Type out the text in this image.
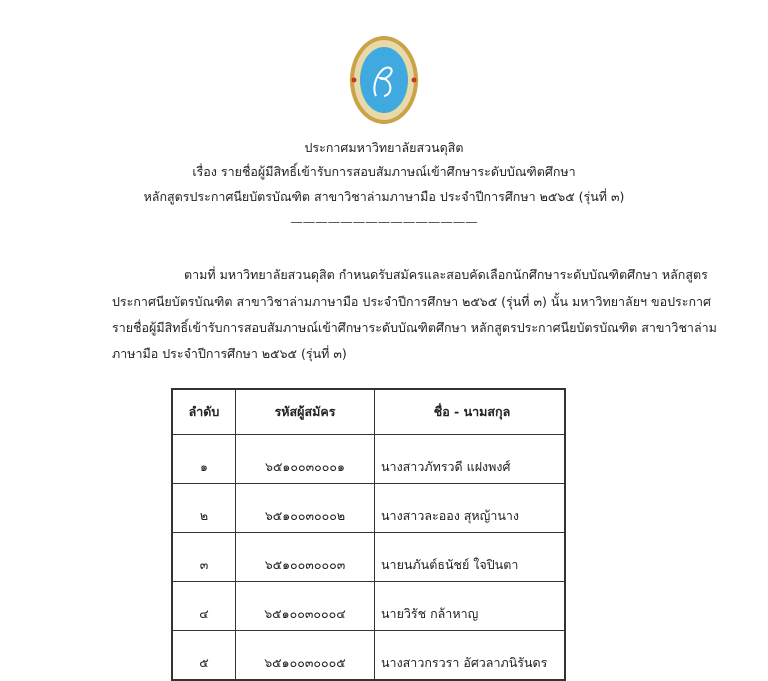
ประกาศมหาวิทยาลัยสวนดุสิต
เรื่อง รายชื่อผู้มีสิทธิ์เข้ารับการสอบสัมภาษณ์เข้าศึกษาระดับบัณฑิตศึกษา
หลักสูตรประกาศนียบัตรบัณฑิต สาขาวิชาล่ามภาษามือ ประจำปีการศึกษา ๒๕๖๕ (รุ่นที่ ๓)
———————————————
ตามที่ มหาวิทยาลัยสวนดุสิต กำหนดรับสมัครและสอบคัดเลือกนักศึกษาระดับบัณฑิตศึกษา หลักสูตร
ประกาศนียบัตรบัณฑิต สาขาวิชาล่ามภาษามือ ประจำปีการศึกษา ๒๕๖๕ (รุ่นที่ ๓) นั้น มหาวิทยาลัยฯ ขอประกาศ
รายชื่อผู้มีสิทธิ์เข้ารับการสอบสัมภาษณ์เข้าศึกษาระดับบัณฑิตศึกษา หลักสูตรประกาศนียบัตรบัณฑิต สาขาวิชาล่าม
ภาษามือ ประจำปีการศึกษา ๒๕๖๕ (รุ่นที่ ๓)
ลำดับ	รหัสผู้สมัคร	ชื่อ - นามสกุล
๑	๖๕๑๐๐๓๐๐๐๑	นางสาวภัทรวดี แฝงพงศ์
๒	๖๕๑๐๐๓๐๐๐๒	นางสาวละออง สุหญ้านาง
๓	๖๕๑๐๐๓๐๐๐๓	นายนภันต์ธนัชย์ ใจปินตา
๔	๖๕๑๐๐๓๐๐๐๔	นายวิรัช กล้าหาญ
๕	๖๕๑๐๐๓๐๐๐๕	นางสาวกรวรา อัศวลาภนิรันดร
